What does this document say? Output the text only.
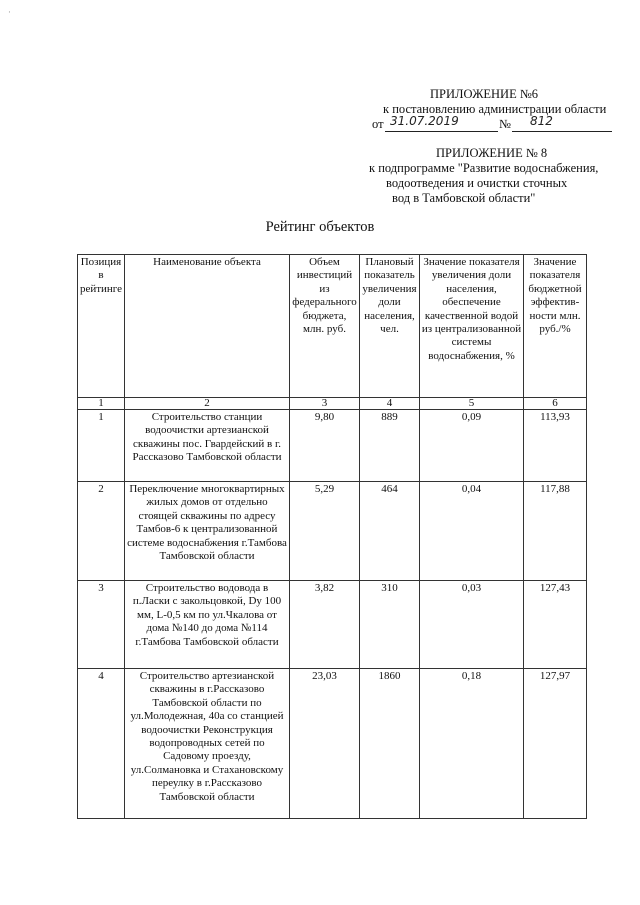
·
ПРИЛОЖЕНИЕ №6
к постановлению администрации области
от 31.07.2019	№ 812
ПРИЛОЖЕНИЕ № 8
к подпрограмме "Развитие водоснабжения,
водоотведения и очистки сточных
вод в Тамбовской области"
Рейтинг объектов
Позиция в рейтинге	Наименование объекта	Объем инвестиций из федерального бюджета, млн. руб.	Плановый показатель увеличения доли населения, чел.	Значение показателя увеличения доли населения, обеспечение качественной водой из централизованной системы водоснабжения, %	Значение показателя бюджетной эффектив-ности млн. руб./%
1	2	3	4	5	6
1	Строительство станции водоочистки артезианской скважины пос. Гвардейский в г. Рассказово Тамбовской области	9,80	889	0,09	113,93
2	Переключение многоквартирных жилых домов от отдельно стоящей скважины по адресу Тамбов-6 к централизованной системе водоснабжения г.Тамбова Тамбовской области	5,29	464	0,04	117,88
3	Строительство водовода в п.Ласки с закольцовкой, Dy 100 мм, L-0,5 км по ул.Чкалова от дома №140 до дома №114 г.Тамбова Тамбовской области	3,82	310	0,03	127,43
4	Строительство артезианской скважины в г.Рассказово Тамбовской области по ул.Молодежная, 40а со станцией водоочистки Реконструкция водопроводных сетей по Садовому проезду, ул.Солмановка и Стахановскому переулку в г.Рассказово Тамбовской области	23,03	1860	0,18	127,97
